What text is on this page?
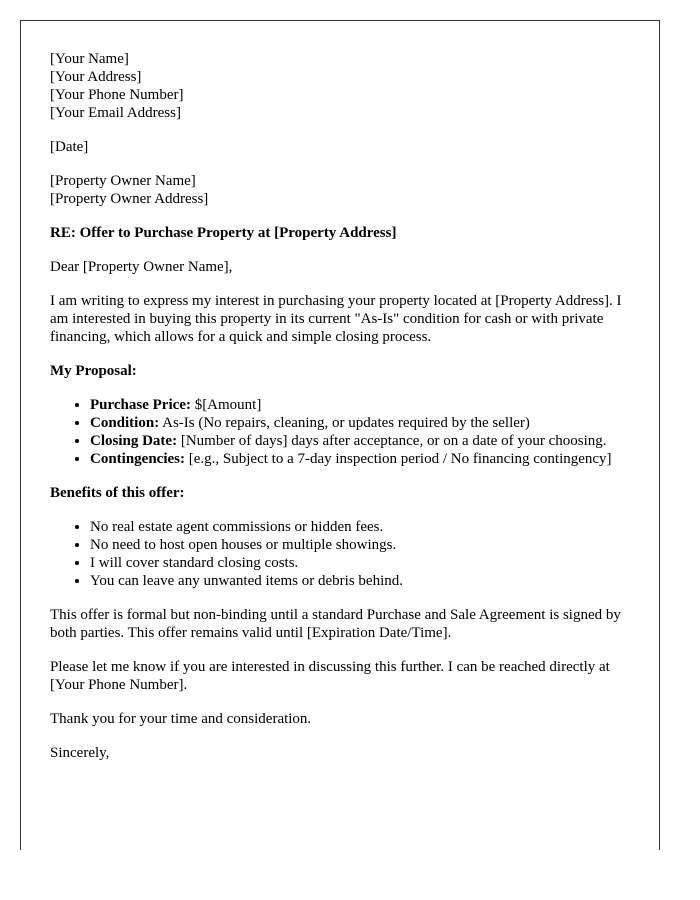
[Your Name]
[Your Address]
[Your Phone Number]
[Your Email Address]
[Date]
[Property Owner Name]
[Property Owner Address]

RE: Offer to Purchase Property at [Property Address]

Dear [Property Owner Name],

I am writing to express my interest in purchasing your property located at [Property Address]. I am interested in buying this property in its current "As-Is" condition for cash or with private financing, which allows for a quick and simple closing process.

My Proposal:

• Purchase Price: $[Amount]
• Condition: As-Is (No repairs, cleaning, or updates required by the seller)
• Closing Date: [Number of days] days after acceptance, or on a date of your choosing.
• Contingencies: [e.g., Subject to a 7-day inspection period / No financing contingency]

Benefits of this offer:

• No real estate agent commissions or hidden fees.
• No need to host open houses or multiple showings.
• I will cover standard closing costs.
• You can leave any unwanted items or debris behind.

This offer is formal but non-binding until a standard Purchase and Sale Agreement is signed by both parties. This offer remains valid until [Expiration Date/Time].

Please let me know if you are interested in discussing this further. I can be reached directly at [Your Phone Number].

Thank you for your time and consideration.

Sincerely,
